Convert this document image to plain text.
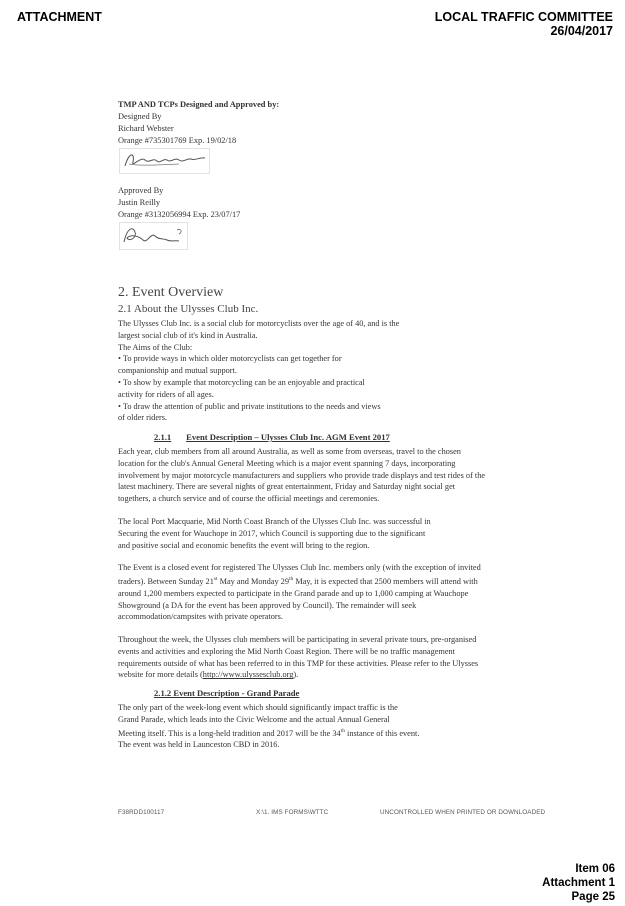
ATTACHMENT	LOCAL TRAFFIC COMMITTEE
26/04/2017
TMP AND TCPs Designed and Approved by:
Designed By
Richard Webster
Orange #735301769 Exp. 19/02/18
Approved By
Justin Reilly
Orange #3132056994 Exp. 23/07/17
2. Event Overview
2.1 About the Ulysses Club Inc.

The Ulysses Club Inc. is a social club for motorcyclists over the age of 40, and is the

largest social club of it's kind in Australia.

The Aims of the Club:

• To provide ways in which older motorcyclists can get together for

companionship and mutual support.

• To show by example that motorcycling can be an enjoyable and practical

activity for riders of all ages.

• To draw the attention of public and private institutions to the needs and views

of older riders.

2.1.1 Event Description – Ulysses Club Inc. AGM Event 2017

Each year, club members from all around Australia, as well as some from overseas, travel to the chosen

location for the club's Annual General Meeting which is a major event spanning 7 days, incorporating

involvement by major motorcycle manufacturers and suppliers who provide trade displays and test rides of the

latest machinery. There are several nights of great entertainment, Friday and Saturday night social get

togethers, a church service and of course the official meetings and ceremonies.

The local Port Macquarie, Mid North Coast Branch of the Ulysses Club Inc. was successful in

Securing the event for Wauchope in 2017, which Council is supporting due to the significant

and positive social and economic benefits the event will bring to the region.

The Event is a closed event for registered The Ulysses Club Inc. members only (with the exception of invited

traders). Between Sunday 21st May and Monday 29th May, it is expected that 2500 members will attend with

around 1,200 members expected to participate in the Grand parade and up to 1,000 camping at Wauchope

Showground (a DA for the event has been approved by Council). The remainder will seek

accommodation/campsites with private operators.

Throughout the week, the Ulysses club members will be participating in several private tours, pre-organised

events and activities and exploring the Mid North Coast Region. There will be no traffic management

requirements outside of what has been referred to in this TMP for these activities. Please refer to the Ulysses

website for more details (http://www.ulyssesclub.org).

2.1.2 Event Description - Grand Parade

The only part of the week-long event which should significantly impact traffic is the

Grand Parade, which leads into the Civic Welcome and the actual Annual General

Meeting itself. This is a long-held tradition and 2017 will be the 34th instance of this event.

The event was held in Launceston CBD in 2016.

F38RDD100117	X:\1. IMS FORMS\WTTC	UNCONTROLLED WHEN PRINTED OR DOWNLOADED
Item 06
Attachment 1
Page 25
